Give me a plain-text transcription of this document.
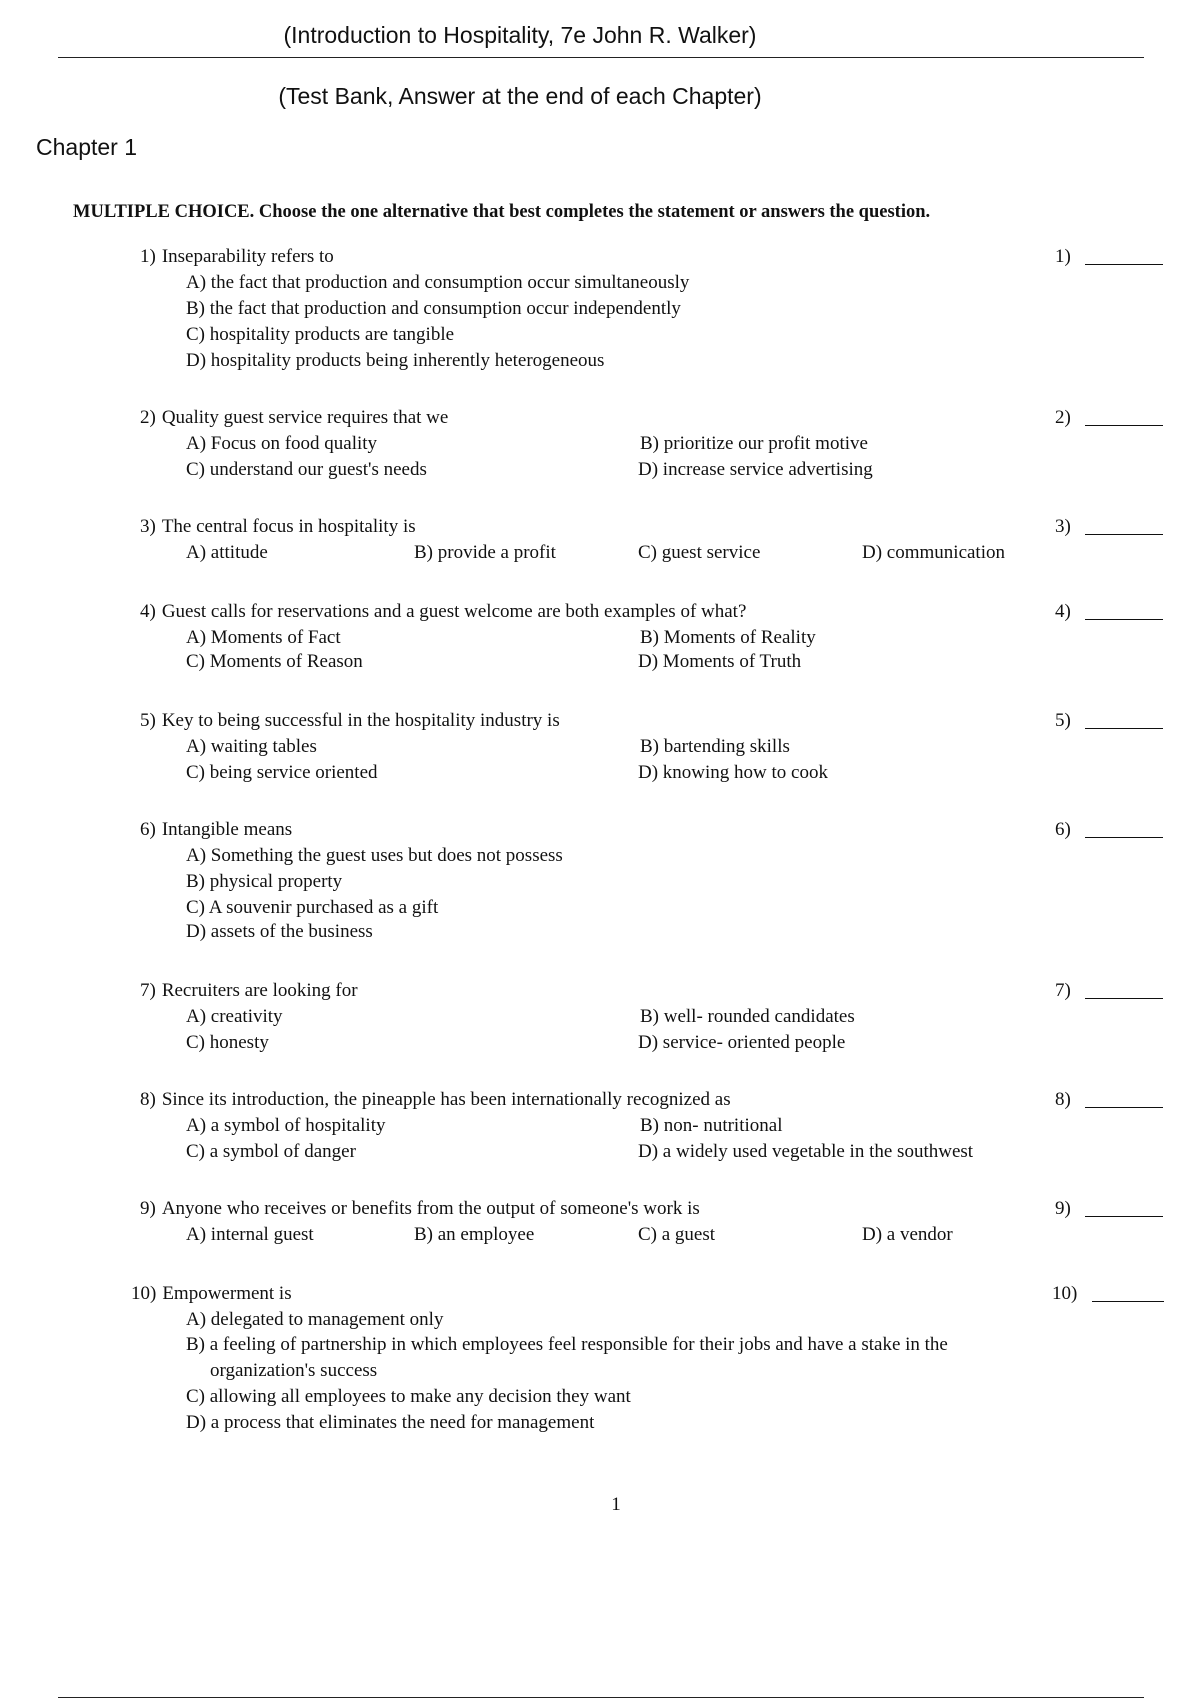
(Introduction to Hospitality, 7e John R. Walker)
(Test Bank, Answer at the end of each Chapter)
Chapter 1
MULTIPLE CHOICE. Choose the one alternative that best completes the statement or answers the question.
1) Inseparability refers to	1)
A) the fact that production and consumption occur simultaneously
B) the fact that production and consumption occur independently
C) hospitality products are tangible
D) hospitality products being inherently heterogeneous
2) Quality guest service requires that we	2)
A) Focus on food quality	B) prioritize our profit motive
C) understand our guest's needs	D) increase service advertising
3) The central focus in hospitality is	3)
A) attitude	B) provide a profit	C) guest service	D) communication
4) Guest calls for reservations and a guest welcome are both examples of what?	4)
A) Moments of Fact	B) Moments of Reality
C) Moments of Reason	D) Moments of Truth
5) Key to being successful in the hospitality industry is	5)
A) waiting tables	B) bartending skills
C) being service oriented	D) knowing how to cook
6) Intangible means	6)
A) Something the guest uses but does not possess
B) physical property
C) A souvenir purchased as a gift
D) assets of the business
7) Recruiters are looking for	7)
A) creativity	B) well- rounded candidates
C) honesty	D) service- oriented people
8) Since its introduction, the pineapple has been internationally recognized as	8)
A) a symbol of hospitality	B) non- nutritional
C) a symbol of danger	D) a widely used vegetable in the southwest
9) Anyone who receives or benefits from the output of someone's work is	9)
A) internal guest	B) an employee	C) a guest	D) a vendor
10) Empowerment is	10)
A) delegated to management only
B) a feeling of partnership in which employees feel responsible for their jobs and have a stake in the organization's success
C) allowing all employees to make any decision they want
D) a process that eliminates the need for management
1
